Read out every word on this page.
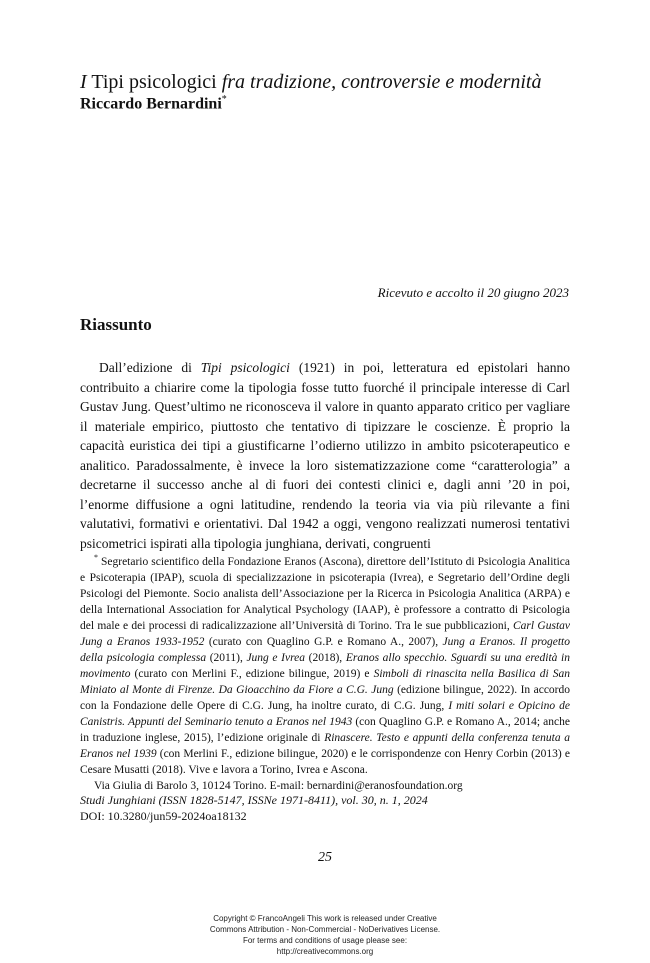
I Tipi psicologici fra tradizione, controversie e modernità
Riccardo Bernardini*
Ricevuto e accolto il 20 giugno 2023
Riassunto

Dall’edizione di Tipi psicologici (1921) in poi, letteratura ed epistolari hanno contribuito a chiarire come la tipologia fosse tutto fuorché il principale interesse di Carl Gustav Jung. Quest’ultimo ne riconosceva il valore in quanto apparato critico per vagliare il materiale empirico, piuttosto che tentativo di tipizzare le coscienze. È proprio la capacità euristica dei tipi a giustificarne l’odierno utilizzo in ambito psicoterapeutico e analitico. Paradossalmente, è invece la loro sistematizzazione come “caratterologia” a decretarne il successo anche al di fuori dei contesti clinici e, dagli anni ’20 in poi, l’enorme diffusione a ogni latitudine, rendendo la teoria via via più rilevante a fini valutativi, formativi e orientativi. Dal 1942 a oggi, vengono realizzati numerosi tentativi psicometrici ispirati alla tipologia junghiana, derivati, congruenti

* Segretario scientifico della Fondazione Eranos (Ascona), direttore dell’Istituto di Psicologia Analitica e Psicoterapia (IPAP), scuola di specializzazione in psicoterapia (Ivrea), e Segretario dell’Ordine degli Psicologi del Piemonte. Socio analista dell’Associazione per la Ricerca in Psicologia Analitica (ARPA) e della International Association for Analytical Psychology (IAAP), è professore a contratto di Psicologia del male e dei processi di radicalizzazione all’Università di Torino. Tra le sue pubblicazioni, Carl Gustav Jung a Eranos 1933-1952 (curato con Quaglino G.P. e Romano A., 2007), Jung a Eranos. Il progetto della psicologia complessa (2011), Jung e Ivrea (2018), Eranos allo specchio. Sguardi su una eredità in movimento (curato con Merlini F., edizione bilingue, 2019) e Simboli di rinascita nella Basilica di San Miniato al Monte di Firenze. Da Gioacchino da Fiore a C.G. Jung (edizione bilingue, 2022). In accordo con la Fondazione delle Opere di C.G. Jung, ha inoltre curato, di C.G. Jung, I miti solari e Opicino de Canistris. Appunti del Seminario tenuto a Eranos nel 1943 (con Quaglino G.P. e Romano A., 2014; anche in traduzione inglese, 2015), l’edizione originale di Rinascere. Testo e appunti della conferenza tenuta a Eranos nel 1939 (con Merlini F., edizione bilingue, 2020) e le corrispondenze con Henry Corbin (2013) e Cesare Musatti (2018). Vive e lavora a Torino, Ivrea e Ascona.

Via Giulia di Barolo 3, 10124 Torino. E-mail: bernardini@eranosfoundation.org

Studi Junghiani (ISSN 1828-5147, ISSNe 1971-8411), vol. 30, n. 1, 2024
DOI: 10.3280/jun59-2024oa18132
25
Copyright © FrancoAngeli This work is released under Creative
Commons Attribution - Non-Commercial - NoDerivatives License.
For terms and conditions of usage please see:
http://creativecommons.org
